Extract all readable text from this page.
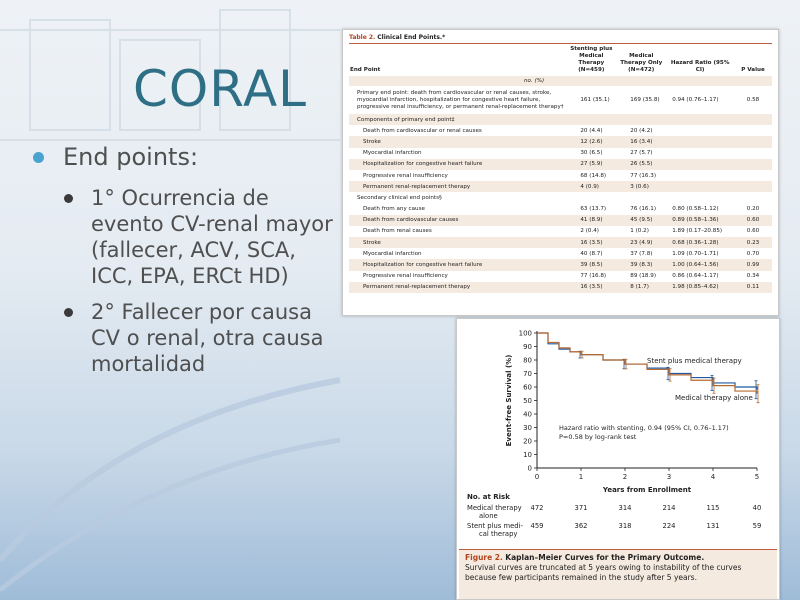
CORAL
End points:
1° Ocurrencia de evento CV-renal mayor (fallecer, ACV, SCA, ICC, EPA, ERCt HD)
2° Fallecer por causa CV o renal, otra causa mortalidad
Table 2. Clinical End Points.*
End Point	Stenting plus Medical Therapy (N=459)	Medical Therapy Only (N=472)	Hazard Ratio (95% CI)	P Value
no. (%)				
Primary end point: death from cardiovascular or renal causes, stroke, myocardial infarction, hospitalization for congestive heart failure, progressive renal insufficiency, or permanent renal-replacement therapy†	161 (35.1)	169 (35.8)	0.94 (0.76–1.17)	0.58
Components of primary end point‡				
Death from cardiovascular or renal causes	20 (4.4)	20 (4.2)		
Stroke	12 (2.6)	16 (3.4)		
Myocardial infarction	30 (6.5)	27 (5.7)		
Hospitalization for congestive heart failure	27 (5.9)	26 (5.5)		
Progressive renal insufficiency	68 (14.8)	77 (16.3)		
Permanent renal-replacement therapy	4 (0.9)	3 (0.6)		
Secondary clinical end points§				
Death from any cause	63 (13.7)	76 (16.1)	0.80 (0.58–1.12)	0.20
Death from cardiovascular causes	41 (8.9)	45 (9.5)	0.89 (0.58–1.36)	0.60
Death from renal causes	2 (0.4)	1 (0.2)	1.89 (0.17–20.85)	0.60
Stroke	16 (3.5)	23 (4.9)	0.68 (0.36–1.28)	0.23
Myocardial infarction	40 (8.7)	37 (7.8)	1.09 (0.70–1.71)	0.70
Hospitalization for congestive heart failure	39 (8.5)	39 (8.3)	1.00 (0.64–1.56)	0.99
Progressive renal insufficiency	77 (16.8)	89 (18.9)	0.86 (0.64–1.17)	0.34
Permanent renal-replacement therapy	16 (3.5)	8 (1.7)	1.98 (0.85–4.62)	0.11
0
10
20
30
40
50
60
70
80
90
100
0	1	2	3	4	5
Years from Enrollment
Event-free Survival (%)	Stent plus medical therapy
Medical therapy alone
Hazard ratio with stenting, 0.94 (95% CI, 0.76–1.17)
P=0.58 by log-rank test
No. at Risk
Medical therapy
alone
472	371	314	214	115	40
Stent plus medi-
cal therapy
459	362	318	224	131	59
Figure 2. Kaplan–Meier Curves for the Primary Outcome.
Survival curves are truncated at 5 years owing to instability of the curves because few participants remained in the study after 5 years.
